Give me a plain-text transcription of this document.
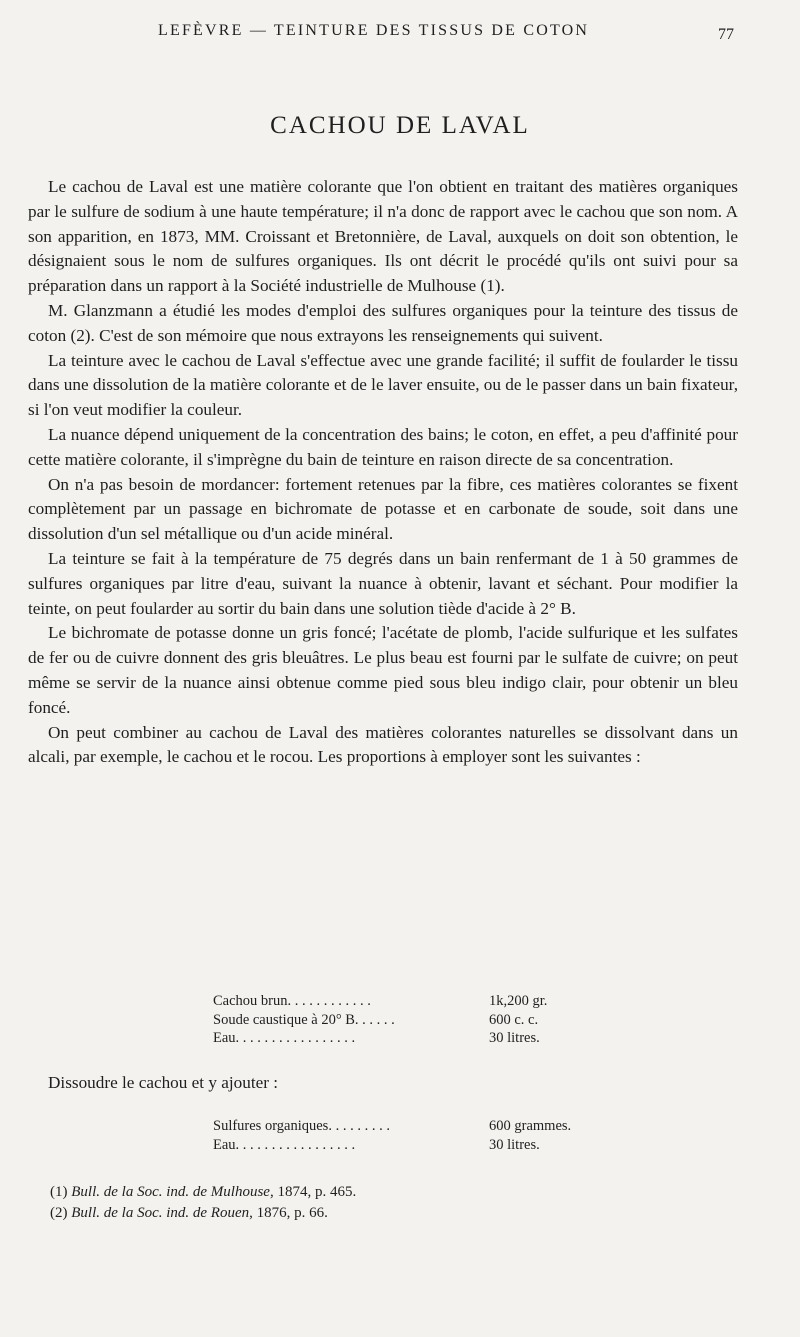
LEFÈVRE — TEINTURE DES TISSUS DE COTON	77
CACHOU DE LAVAL

Le cachou de Laval est une matière colorante que l'on obtient en traitant des matières organiques par le sulfure de sodium à une haute température; il n'a donc de rapport avec le cachou que son nom. A son apparition, en 1873, MM. Croissant et Bretonnière, de Laval, auxquels on doit son obtention, le désignaient sous le nom de sulfures organiques. Ils ont décrit le procédé qu'ils ont suivi pour sa préparation dans un rapport à la Société industrielle de Mulhouse (1).

M. Glanzmann a étudié les modes d'emploi des sulfures organiques pour la teinture des tissus de coton (2). C'est de son mémoire que nous extrayons les renseignements qui suivent.

La teinture avec le cachou de Laval s'effectue avec une grande facilité; il suffit de foularder le tissu dans une dissolution de la matière colorante et de le laver ensuite, ou de le passer dans un bain fixateur, si l'on veut modifier la couleur.

La nuance dépend uniquement de la concentration des bains; le coton, en effet, a peu d'affinité pour cette matière colorante, il s'imprègne du bain de teinture en raison directe de sa concentration.

On n'a pas besoin de mordancer: fortement retenues par la fibre, ces matières colorantes se fixent complètement par un passage en bichromate de potasse et en carbonate de soude, soit dans une dissolution d'un sel métallique ou d'un acide minéral.

La teinture se fait à la température de 75 degrés dans un bain renfermant de 1 à 50 grammes de sulfures organiques par litre d'eau, suivant la nuance à obtenir, lavant et séchant. Pour modifier la teinte, on peut foularder au sortir du bain dans une solution tiède d'acide à 2° B.

Le bichromate de potasse donne un gris foncé; l'acétate de plomb, l'acide sulfurique et les sulfates de fer ou de cuivre donnent des gris bleuâtres. Le plus beau est fourni par le sulfate de cuivre; on peut même se servir de la nuance ainsi obtenue comme pied sous bleu indigo clair, pour obtenir un bleu foncé.

On peut combiner au cachou de Laval des matières colorantes naturelles se dissolvant dans un alcali, par exemple, le cachou et le rocou. Les proportions à employer sont les suivantes :

Cachou brun. . . . . . . . . . . .	1k,200 gr.
Soude caustique à 20° B. . . . . .	600 c. c.
Eau. . . . . . . . . . . . . . . . .	30 litres.
Dissoudre le cachou et y ajouter :
Sulfures organiques. . . . . . . . .	600 grammes.
Eau. . . . . . . . . . . . . . . . .	30 litres.
(1) Bull. de la Soc. ind. de Mulhouse, 1874, p. 465.
(2) Bull. de la Soc. ind. de Rouen, 1876, p. 66.
